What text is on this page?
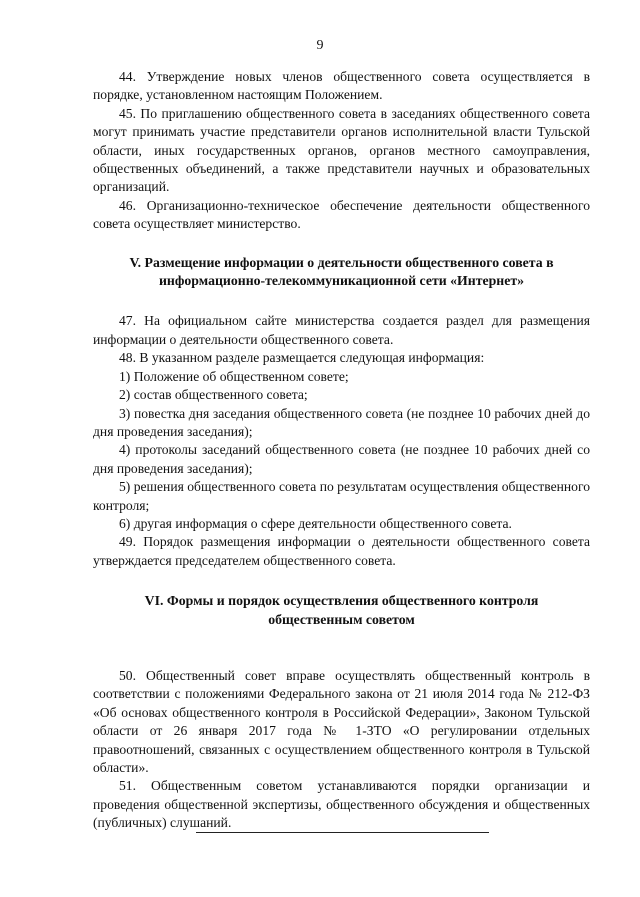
9

44. Утверждение новых членов общественного совета осуществляется в порядке, установленном настоящим Положением.

45. По приглашению общественного совета в заседаниях общественного совета могут принимать участие представители органов исполнительной власти Тульской области, иных государственных органов, органов местного самоуправления, общественных объединений, а также представители научных и образовательных организаций.

46. Организационно-техническое обеспечение деятельности общественного совета осуществляет министерство.

V. Размещение информации о деятельности общественного совета в

информационно-телекоммуникационной сети «Интернет»

47. На официальном сайте министерства создается раздел для размещения информации о деятельности общественного совета.

48. В указанном разделе размещается следующая информация:

1) Положение об общественном совете;

2) состав общественного совета;

3) повестка дня заседания общественного совета (не позднее 10 рабочих дней до дня проведения заседания);

4) протоколы заседаний общественного совета (не позднее 10 рабочих дней со дня проведения заседания);

5) решения общественного совета по результатам осуществления общественного контроля;

6) другая информация о сфере деятельности общественного совета.

49. Порядок размещения информации о деятельности общественного совета утверждается председателем общественного совета.

VI. Формы и порядок осуществления общественного контроля

общественным советом

50. Общественный совет вправе осуществлять общественный контроль в соответствии с положениями Федерального закона от 21 июля 2014 года № 212-ФЗ «Об основах общественного контроля в Российской Федерации», Законом Тульской области от 26 января 2017 года № 1-ЗТО «О регулировании отдельных правоотношений, связанных с осуществлением общественного контроля в Тульской области».

51. Общественным советом устанавливаются порядки организации и проведения общественной экспертизы, общественного обсуждения и общественных (публичных) слушаний.
